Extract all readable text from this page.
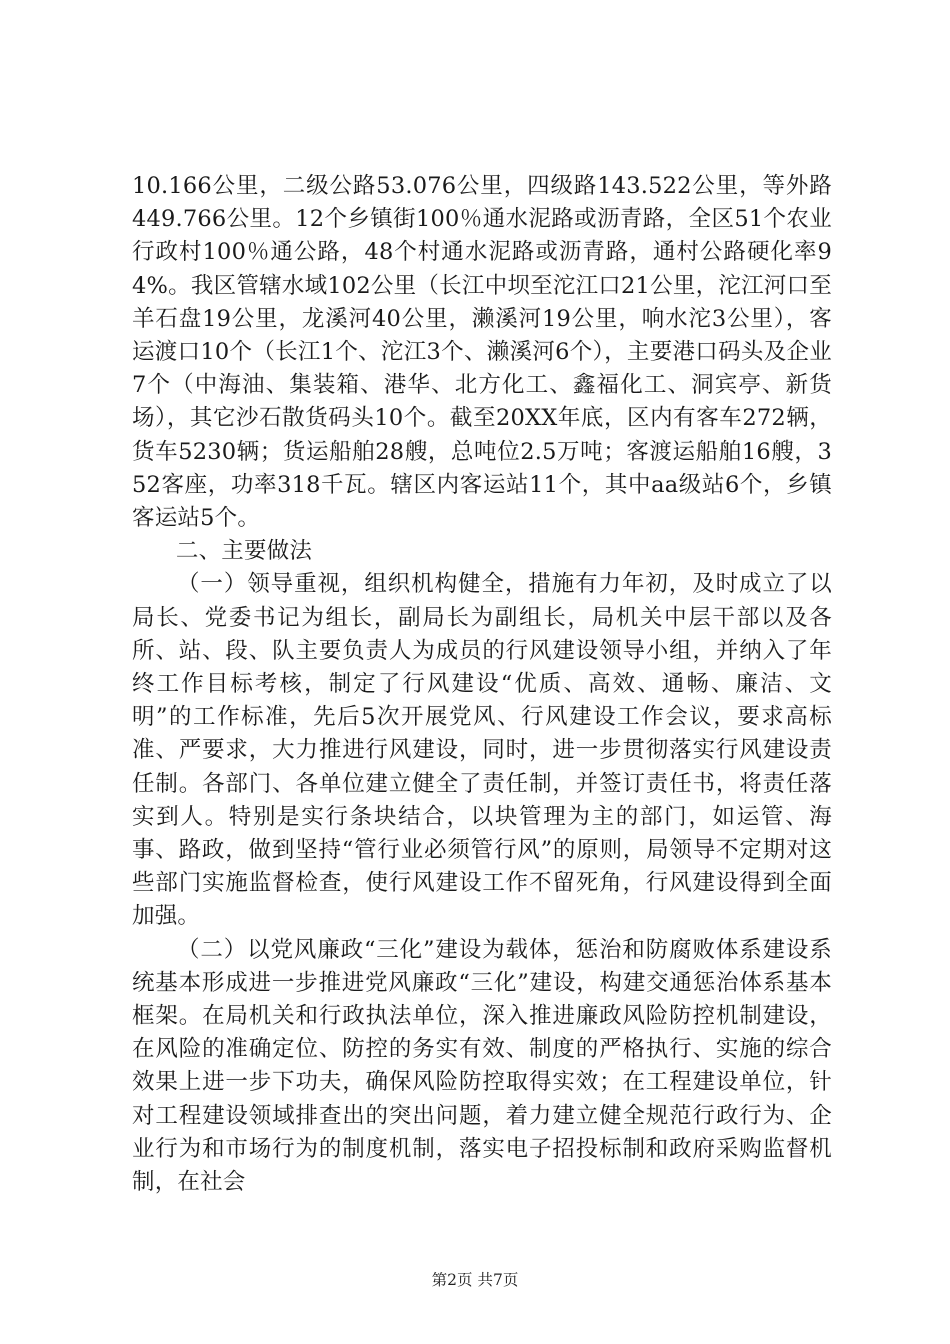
10.166公里，二级公路53.076公里，四级路143.522公里，等外路449.766公里。12个乡镇街100％通水泥路或沥青路，全区51个农业行政村100％通公路，48个村通水泥路或沥青路，通村公路硬化率94%。我区管辖水域102公里（长江中坝至沱江口21公里，沱江河口至羊石盘19公里，龙溪河40公里，濑溪河19公里，响水沱3公里），客运渡口10个（长江1个、沱江3个、濑溪河6个），主要港口码头及企业7个（中海油、集装箱、港华、北方化工、鑫福化工、洞宾亭、新货场），其它沙石散货码头10个。截至20XX年底，区内有客车272辆，货车5230辆；货运船舶28艘，总吨位2.5万吨；客渡运船舶16艘，352客座，功率318千瓦。辖区内客运站11个，其中aa级站6个，乡镇客运站5个。

二、主要做法

（一）领导重视，组织机构健全，措施有力年初，及时成立了以局长、党委书记为组长，副局长为副组长，局机关中层干部以及各所、站、段、队主要负责人为成员的行风建设领导小组，并纳入了年终工作目标考核，制定了行风建设“优质、高效、通畅、廉洁、文明”的工作标准，先后5次开展党风、行风建设工作会议，要求高标准、严要求，大力推进行风建设，同时，进一步贯彻落实行风建设责任制。各部门、各单位建立健全了责任制，并签订责任书，将责任落实到人。特别是实行条块结合，以块管理为主的部门，如运管、海事、路政，做到坚持“管行业必须管行风”的原则，局领导不定期对这些部门实施监督检查，使行风建设工作不留死角，行风建设得到全面加强。

（二）以党风廉政“三化”建设为载体，惩治和防腐败体系建设系统基本形成进一步推进党风廉政“三化”建设，构建交通惩治体系基本框架。在局机关和行政执法单位，深入推进廉政风险防控机制建设，在风险的准确定位、防控的务实有效、制度的严格执行、实施的综合效果上进一步下功夫，确保风险防控取得实效；在工程建设单位，针对工程建设领域排查出的突出问题，着力建立健全规范行政行为、企业行为和市场行为的制度机制，落实电子招投标制和政府采购监督机制，在社会

第2页 共7页
